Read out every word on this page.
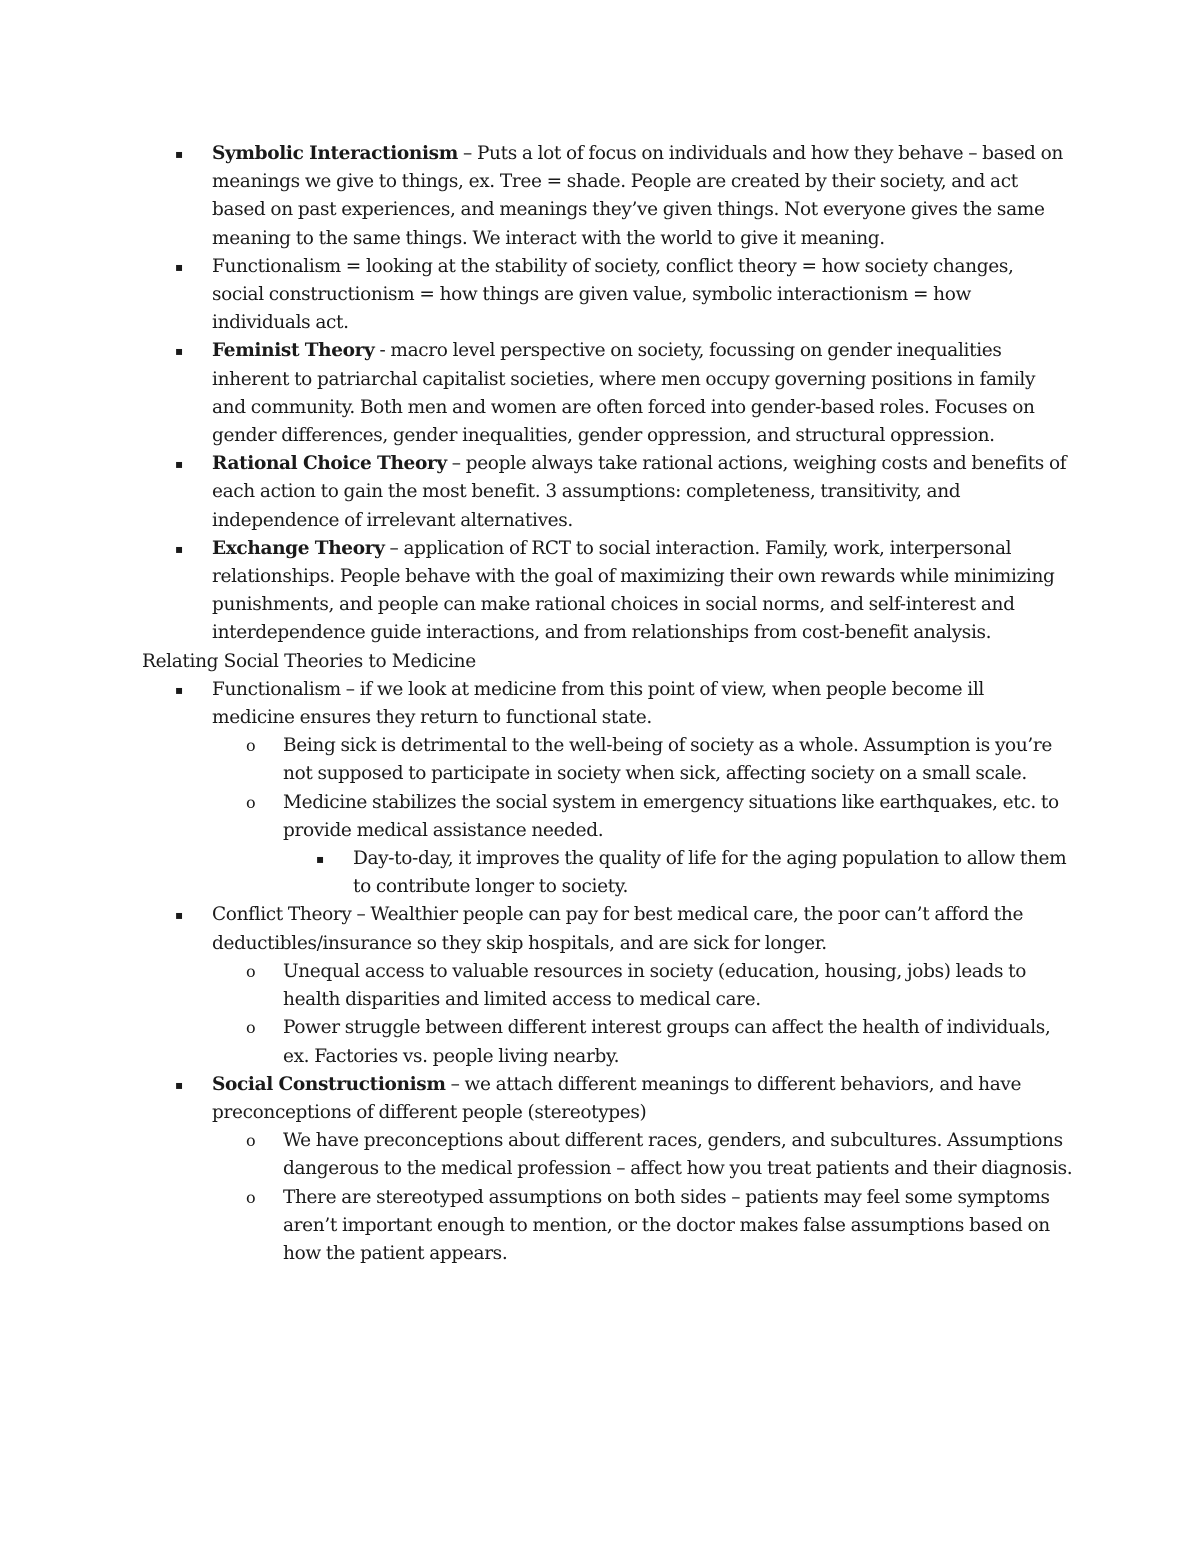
▪ Symbolic Interactionism – Puts a lot of focus on individuals and how they behave – based on meanings we give to things, ex. Tree = shade. People are created by their society, and act based on past experiences, and meanings they’ve given things. Not everyone gives the same meaning to the same things. We interact with the world to give it meaning.
▪ Functionalism = looking at the stability of society, conflict theory = how society changes, social constructionism = how things are given value, symbolic interactionism = how individuals act.
▪ Feminist Theory - macro level perspective on society, focussing on gender inequalities inherent to patriarchal capitalist societies, where men occupy governing positions in family and community. Both men and women are often forced into gender-based roles. Focuses on gender differences, gender inequalities, gender oppression, and structural oppression.
▪ Rational Choice Theory – people always take rational actions, weighing costs and benefits of each action to gain the most benefit. 3 assumptions: completeness, transitivity, and independence of irrelevant alternatives.
▪ Exchange Theory – application of RCT to social interaction. Family, work, interpersonal relationships. People behave with the goal of maximizing their own rewards while minimizing punishments, and people can make rational choices in social norms, and self-interest and interdependence guide interactions, and from relationships from cost-benefit analysis.
Relating Social Theories to Medicine
▪ Functionalism – if we look at medicine from this point of view, when people become ill medicine ensures they return to functional state.
o Being sick is detrimental to the well-being of society as a whole. Assumption is you’re not supposed to participate in society when sick, affecting society on a small scale.
o Medicine stabilizes the social system in emergency situations like earthquakes, etc. to provide medical assistance needed.
▪ Day-to-day, it improves the quality of life for the aging population to allow them to contribute longer to society.
▪ Conflict Theory – Wealthier people can pay for best medical care, the poor can’t afford the deductibles/insurance so they skip hospitals, and are sick for longer.
o Unequal access to valuable resources in society (education, housing, jobs) leads to health disparities and limited access to medical care.
o Power struggle between different interest groups can affect the health of individuals, ex. Factories vs. people living nearby.
▪ Social Constructionism – we attach different meanings to different behaviors, and have preconceptions of different people (stereotypes)
o We have preconceptions about different races, genders, and subcultures. Assumptions dangerous to the medical profession – affect how you treat patients and their diagnosis.
o There are stereotyped assumptions on both sides – patients may feel some symptoms aren’t important enough to mention, or the doctor makes false assumptions based on how the patient appears.
